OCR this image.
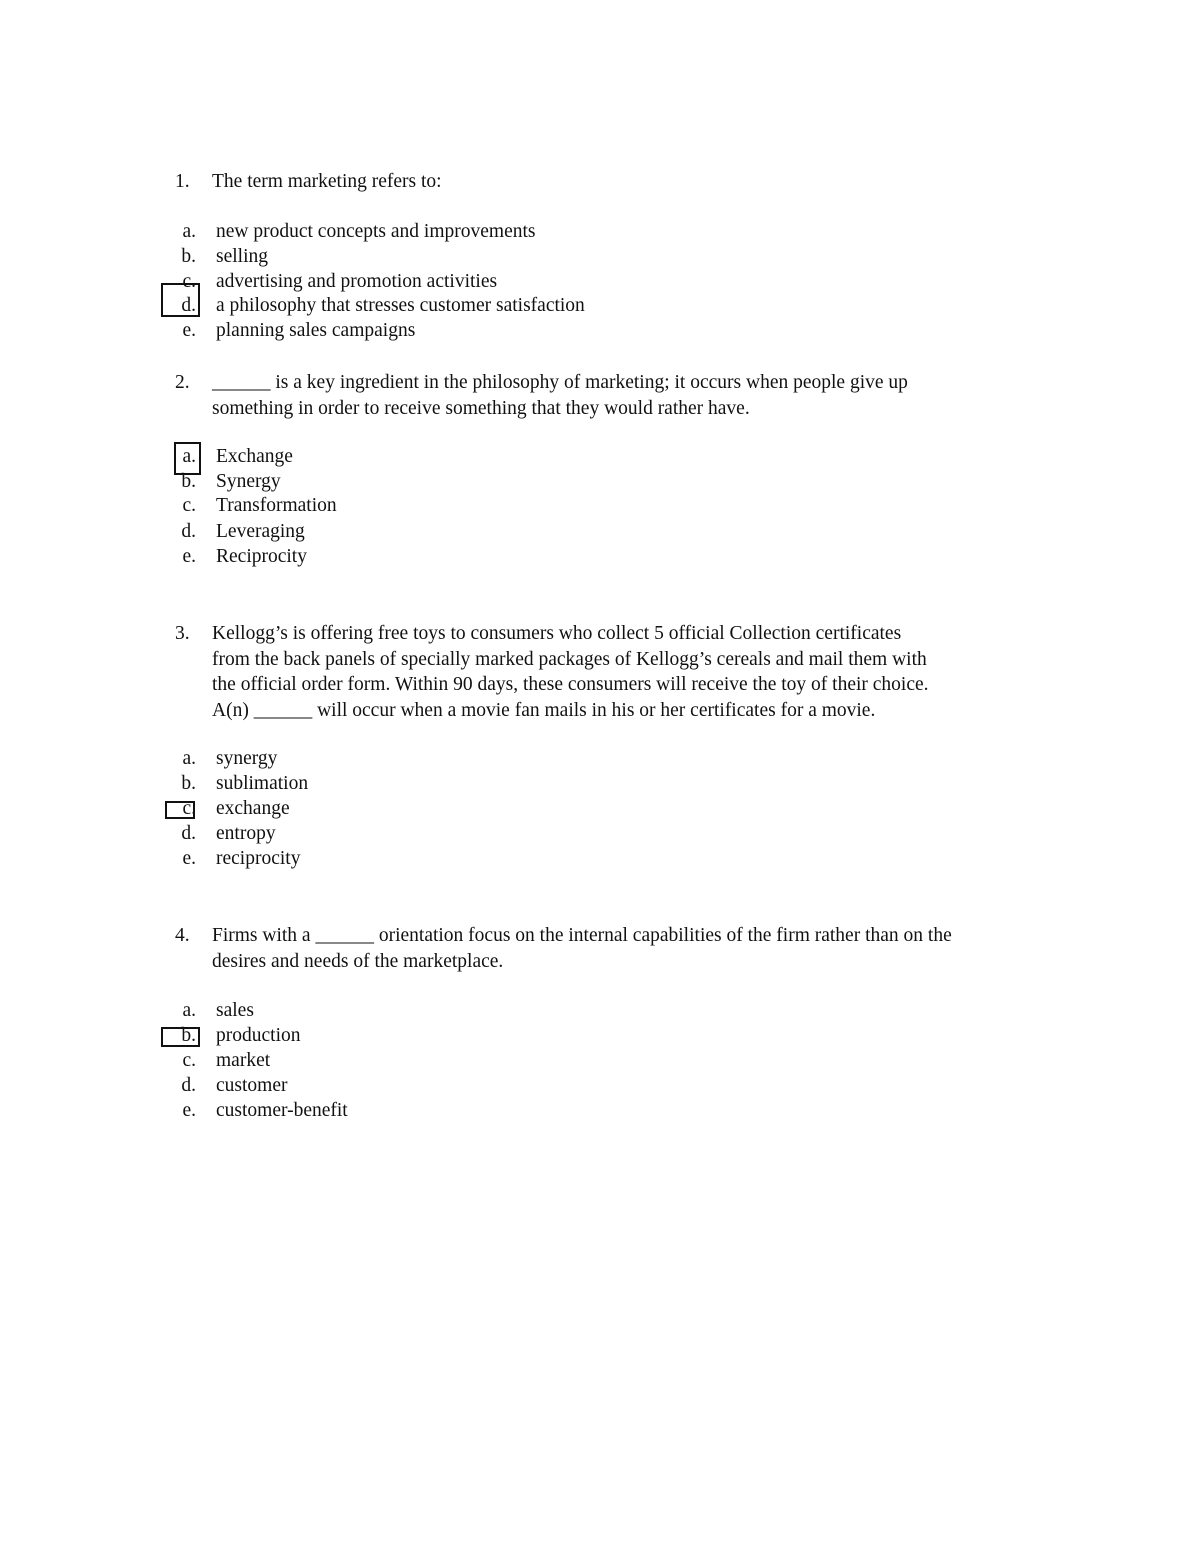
1. The term marketing refers to:
a. new product concepts and improvements
b. selling
c. advertising and promotion activities
d. a philosophy that stresses customer satisfaction
e. planning sales campaigns
2. ______ is a key ingredient in the philosophy of marketing; it occurs when people give up
something in order to receive something that they would rather have.
a. Exchange
b. Synergy
c. Transformation
d. Leveraging
e. Reciprocity
3. Kellogg’s is offering free toys to consumers who collect 5 official Collection certificates
from the back panels of specially marked packages of Kellogg’s cereals and mail them with
the official order form. Within 90 days, these consumers will receive the toy of their choice.
A(n) ______ will occur when a movie fan mails in his or her certificates for a movie.
a. synergy
b. sublimation
c. exchange
d. entropy
e. reciprocity
4. Firms with a ______ orientation focus on the internal capabilities of the firm rather than on the
desires and needs of the marketplace.
a. sales
b. production
c. market
d. customer
e. customer-benefit
